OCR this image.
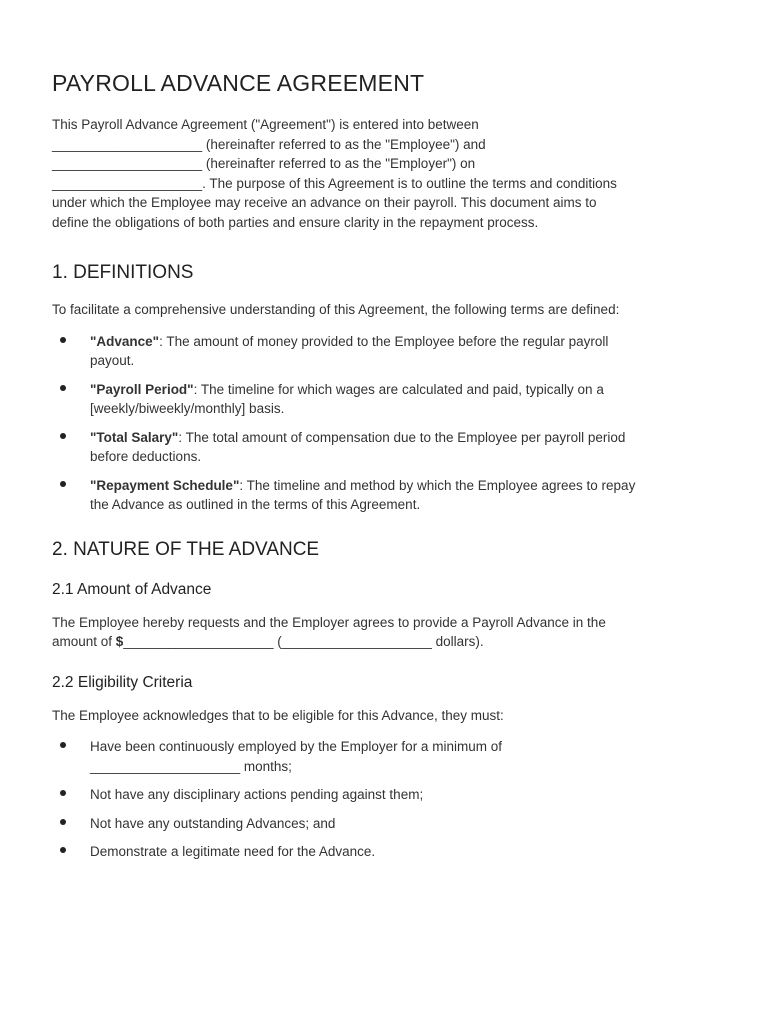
PAYROLL ADVANCE AGREEMENT

This Payroll Advance Agreement ("Agreement") is entered into between
____________________ (hereinafter referred to as the "Employee") and
____________________ (hereinafter referred to as the "Employer") on
____________________. The purpose of this Agreement is to outline the terms and conditions
under which the Employee may receive an advance on their payroll. This document aims to
define the obligations of both parties and ensure clarity in the repayment process.

1. DEFINITIONS

To facilitate a comprehensive understanding of this Agreement, the following terms are defined:

"Advance": The amount of money provided to the Employee before the regular payroll
payout.
"Payroll Period": The timeline for which wages are calculated and paid, typically on a
[weekly/biweekly/monthly] basis.
"Total Salary": The total amount of compensation due to the Employee per payroll period
before deductions.
"Repayment Schedule": The timeline and method by which the Employee agrees to repay
the Advance as outlined in the terms of this Agreement.
2. NATURE OF THE ADVANCE
2.1 Amount of Advance

The Employee hereby requests and the Employer agrees to provide a Payroll Advance in the
amount of $____________________ (____________________ dollars).

2.2 Eligibility Criteria

The Employee acknowledges that to be eligible for this Advance, they must:

Have been continuously employed by the Employer for a minimum of
____________________ months;
Not have any disciplinary actions pending against them;
Not have any outstanding Advances; and
Demonstrate a legitimate need for the Advance.
